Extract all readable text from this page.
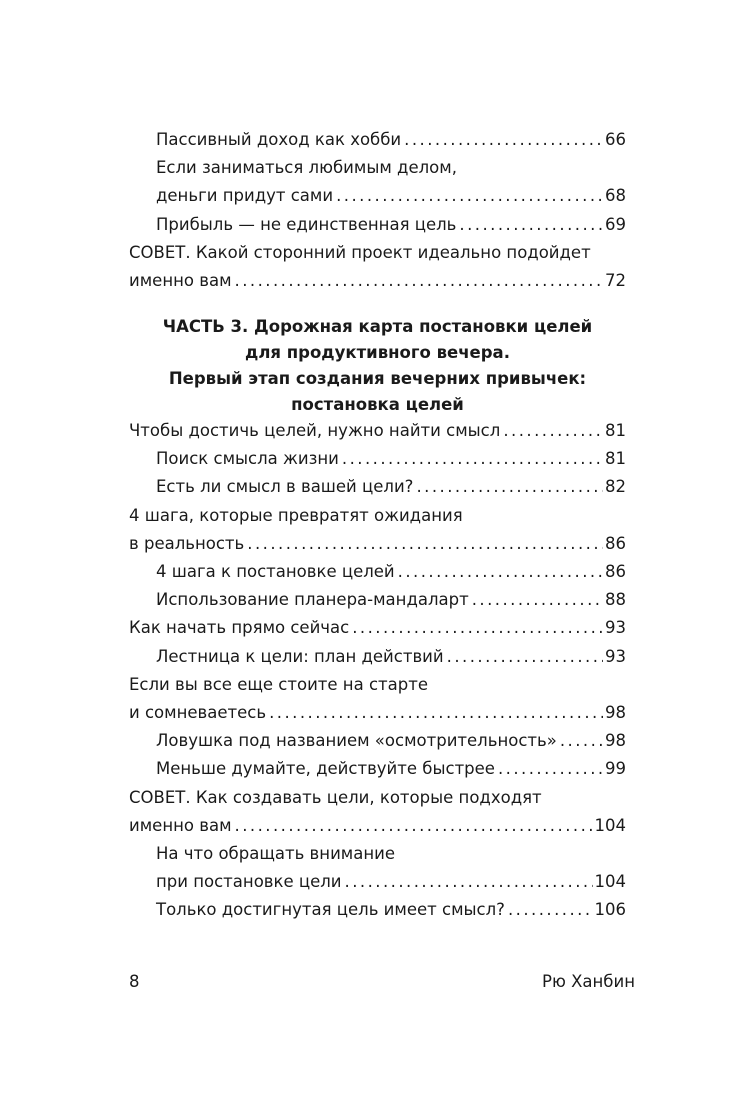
Пассивный доход как хобби . . .	66
Если заниматься любимым делом,
деньги придут сами . . .	68
Прибыль — не единственная цель . . .	69
СОВЕТ. Какой сторонний проект идеально подойдет
именно вам . . .	72
Чтобы достичь целей, нужно найти смысл . . .	81
Поиск смысла жизни . . .	81
Есть ли смысл в вашей цели? . . .	82
4 шага, которые превратят ожидания
в реальность . . .	86
4 шага к постановке целей . . .	86
Использование планера-мандаларт . . .	88
Как начать прямо сейчас . . .	93
Лестница к цели: план действий . . .	93
Если вы все еще стоите на старте
и сомневаетесь . . .	98
Ловушка под названием «осмотрительность» . . .	98
Меньше думайте, действуйте быстрее . . .	99
СОВЕТ. Как создавать цели, которые подходят
именно вам . . .	104
На что обращать внимание
при постановке цели . . .	104
Только достигнутая цель имеет смысл? . . .	106
ЧАСТЬ 3. Дорожная карта постановки целей
для продуктивного вечера.
Первый этап создания вечерних привычек:
постановка целей
8	Рю Ханбин
